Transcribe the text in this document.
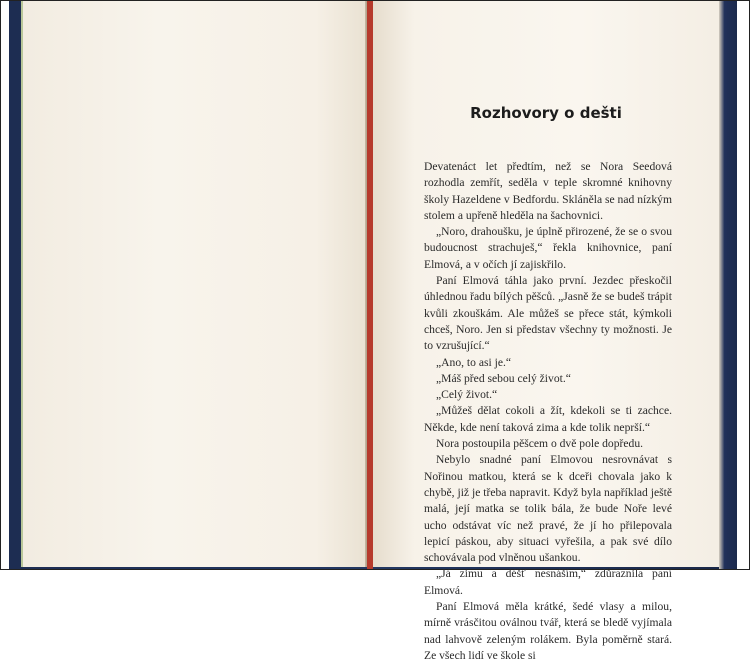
Rozhovory o dešti

Devatenáct let předtím, než se Nora Seedová rozhodla zemřít, seděla v teple skromné knihovny školy Hazeldene v Bedfordu. Skláněla se nad nízkým stolem a upřeně hleděla na šachovnici.

„Noro, drahoušku, je úplně přirozené, že se o svou budoucnost strachuješ,“ řekla knihovnice, paní Elmová, a v očích jí zajiskřilo.

Paní Elmová táhla jako první. Jezdec přeskočil úhlednou řadu bílých pěšců. „Jasně že se budeš trápit kvůli zkouškám. Ale můžeš se přece stát, kýmkoli chceš, Noro. Jen si představ všechny ty možnosti. Je to vzrušující.“

„Ano, to asi je.“

„Máš před sebou celý život.“

„Celý život.“

„Můžeš dělat cokoli a žít, kdekoli se ti zachce. Někde, kde není taková zima a kde tolik neprší.“

Nora postoupila pěšcem o dvě pole dopředu.

Nebylo snadné paní Elmovou nesrovnávat s Nořinou matkou, která se k dceři chovala jako k chybě, již je třeba napravit. Když byla například ještě malá, její matka se tolik bála, že bude Noře levé ucho odstávat víc než pravé, že jí ho přilepovala lepicí páskou, aby situaci vyřešila, a pak své dílo schovávala pod vlněnou ušankou.

„Já zimu a déšť nesnáším,“ zdůraznila paní Elmová.

Paní Elmová měla krátké, šedé vlasy a milou, mírně vrásčitou oválnou tvář, která se bledě vyjímala nad lahvově zeleným rolákem. Byla poměrně stará. Ze všech lidí ve škole si
